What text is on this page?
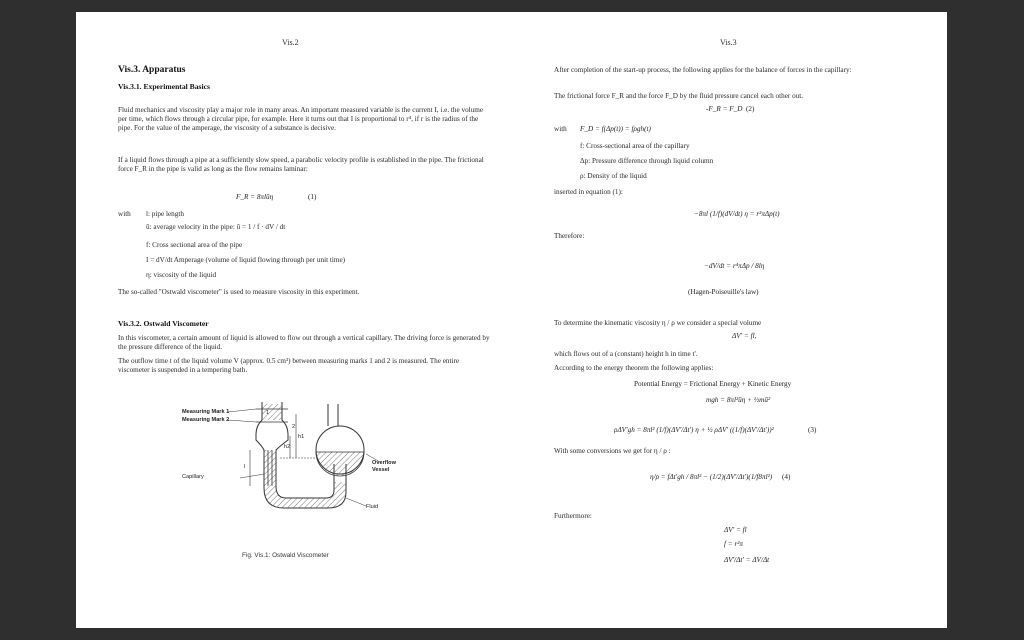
Vis.2
Vis.3. Apparatus
Vis.3.1. Experimental Basics
Fluid mechanics and viscosity play a major role in many areas. An important measured variable is the current I, i.e. the volume per time, which flows through a circular pipe, for example. Here it turns out that I is proportional to r⁴, if r is the radius of the pipe. For the value of the amperage, the viscosity of a substance is decisive.
If a liquid flows through a pipe at a sufficiently slow speed, a parabolic velocity profile is established in the pipe. The frictional force F_R in the pipe is valid as long as the flow remains laminar:
F_R = 8πlūη	(1)
with l: pipe length
ū: average velocity in the pipe: ū = 1 / f · dV / dt
f: Cross sectional area of the pipe
I = dV/dt Amperage (volume of liquid flowing through per unit time)
η: viscosity of the liquid
The so-called "Ostwald viscometer" is used to measure viscosity in this experiment.
Vis.3.2. Ostwald Viscometer
In this viscometer, a certain amount of liquid is allowed to flow out through a vertical capillary. The driving force is generated by the pressure difference of the liquid.
The outflow time t of the liquid volume V (approx. 0.5 cm³) between measuring marks 1 and 2 is measured. The entire viscometer is suspended in a tempering bath.
Measuring Mark 1
Measuring Mark 2
Capillary
Overflow
Vessel
Fluid
h1
h2
l
1
2
Fig. Vis.1: Ostwald Viscometer
Vis.3
After completion of the start-up process, the following applies for the balance of forces in the capillary:
The frictional force F_R and the force F_D by the fluid pressure cancel each other out.
-F_R = F_D (2)
with F_D = f(Δp(t)) = fρgh(t)
f: Cross-sectional area of the capillary
Δp: Pressure difference through liquid column
ρ: Density of the liquid
inserted in equation (1):
−8πl (1/f)(dV/dt) η = r²πΔp(t)
Therefore:
−dV/dt = r⁴πΔp / 8lη
(Hagen-Poiseuille's law)
To determine the kinematic viscosity η / ρ we consider a special volume
ΔV' = fl,
which flows out of a (constant) height h in time t'.
According to the energy theorem the following applies:
Potential Energy = Frictional Energy + Kinetic Energy
mgh = 8πl²ūη + ½mū²
ρΔV'gh = 8πl² (1/f)(ΔV'/Δt') η + ½ ρΔV' ((1/f)(ΔV'/Δt'))²	(3)
With some conversions we get for η / ρ :
η/ρ = fΔt'gh / 8πl² − (1/2)(ΔV'/Δt')(1/f8πl²) (4)
Furthermore:
ΔV' = fl
f = r²π
ΔV'/Δt' = ΔV/Δt
